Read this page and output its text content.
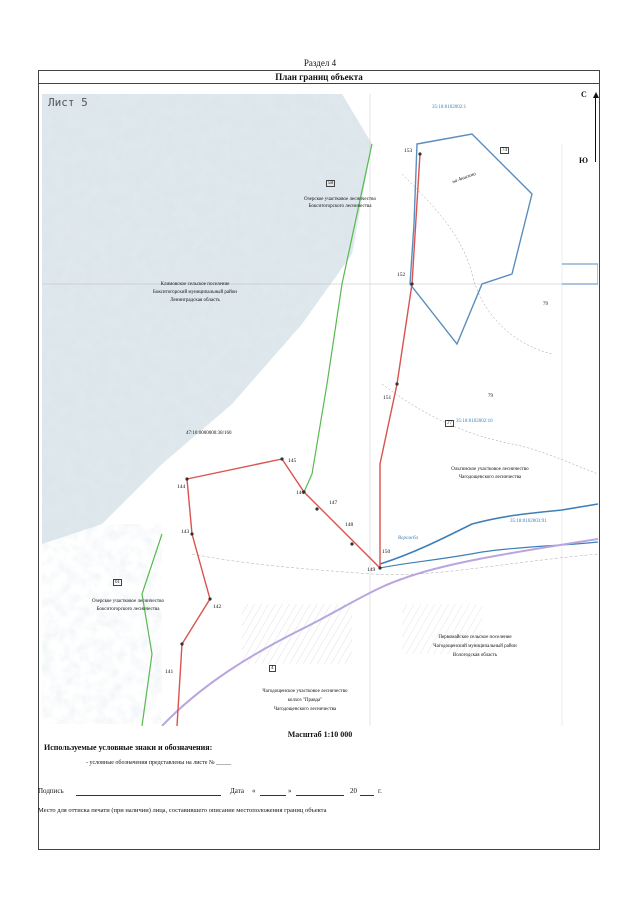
Раздел 4
План границ объекта
Лист 5
С
Ю
35:18:0102002:1
35:18:0102002:16
35:18:0102003:91
47:10:0000000:38/160
74
58
79
77
61
4
153
152
151
145
144
146
147
148
143
150
149
142
141
Озерское участковое лесничество
Бокситогорского лесничества
Климовское сельское поселение
Бокситогорский муниципальный район
Ленинградская область
Ольгинское участковое лесничество
Чагодощенского лесничества
Озерское участковое лесничество
Бокситогорского лесничества
Первомайское сельское поселение
Чагодощенский муниципальный район
Вологодская область
Чагодощенское участковое лесничество
колхоз "Правда"
Чагодощенского лесничества
на Анисимо
Ворожба
79
Масштаб 1:10 000
Используемые условные знаки и обозначения:
- условные обозначения представлены на листе № _____
Подпись	Дата «	»	20	г.
Место для оттиска печати (при наличии) лица, составившего описание местоположения границ объекта
